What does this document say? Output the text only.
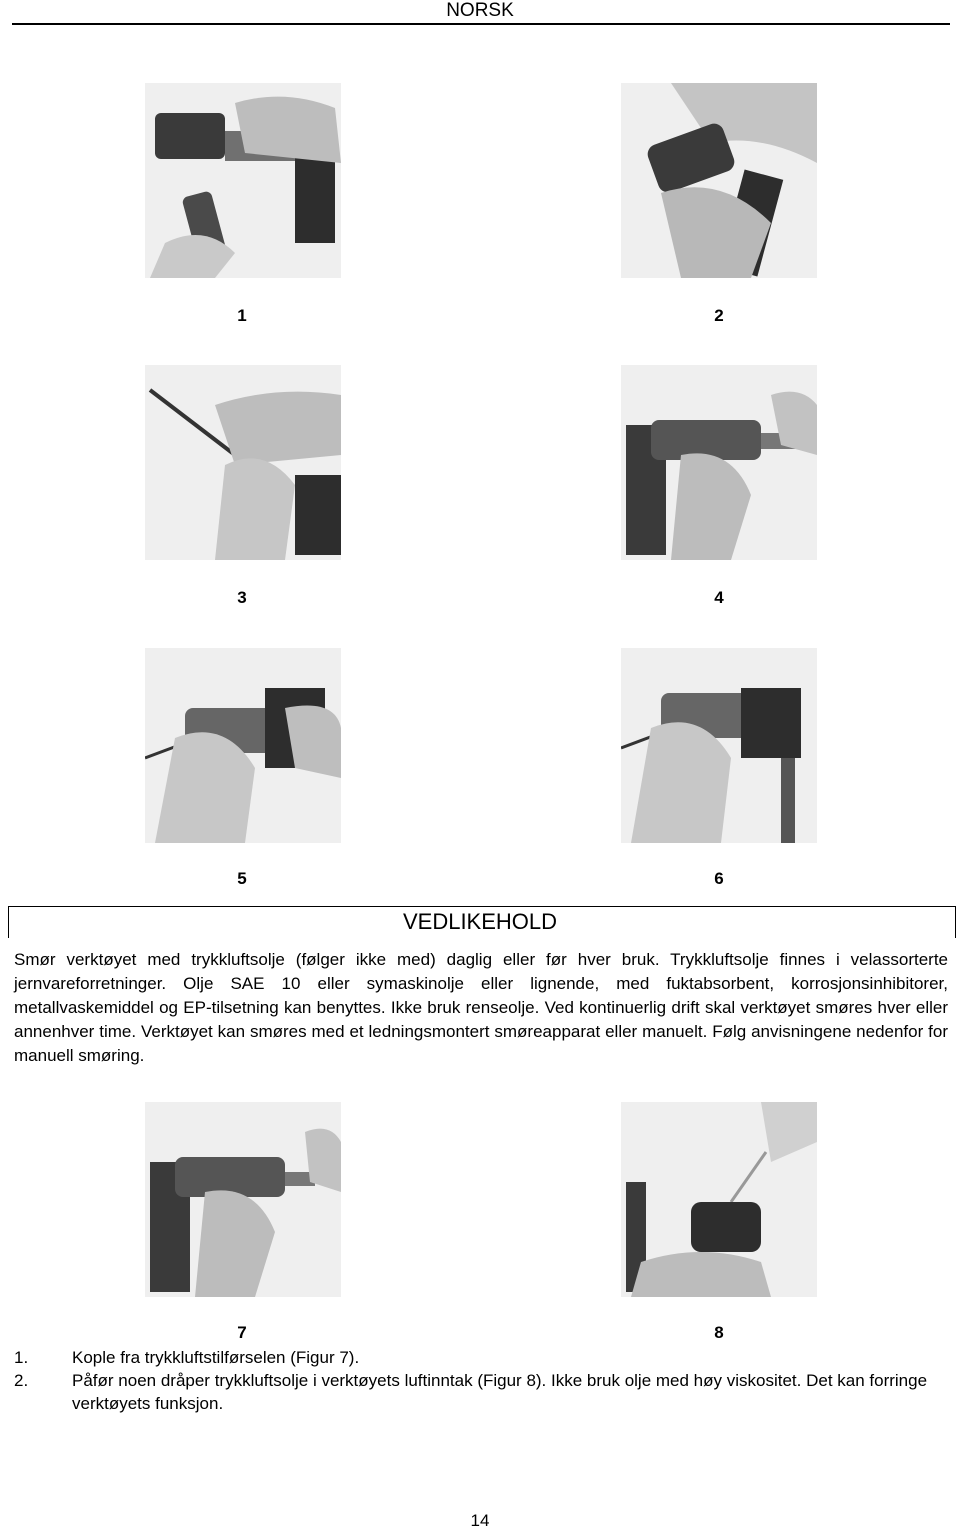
NORSK
1	2
3	4
5	6
VEDLIKEHOLD
Smør verktøyet med trykkluftsolje (følger ikke med) daglig eller før hver bruk. Trykkluftsolje finnes i velassorterte jernvareforretninger. Olje SAE 10 eller symaskinolje eller lignende, med fuktabsorbent, korrosjonsinhibitorer, metallvaskemiddel og EP-tilsetning kan benyttes. Ikke bruk renseolje. Ved kontinuerlig drift skal verktøyet smøres hver eller annenhver time. Verktøyet kan smøres med et ledningsmontert smøreapparat eller manuelt. Følg anvisningene nedenfor for manuell smøring.
7	8
1.	Kople fra trykkluftstilførselen (Figur 7).
2.	Påfør noen dråper trykkluftsolje i verktøyets luftinntak (Figur 8). Ikke bruk olje med høy viskositet. Det kan forringe verktøyets funksjon.
14
